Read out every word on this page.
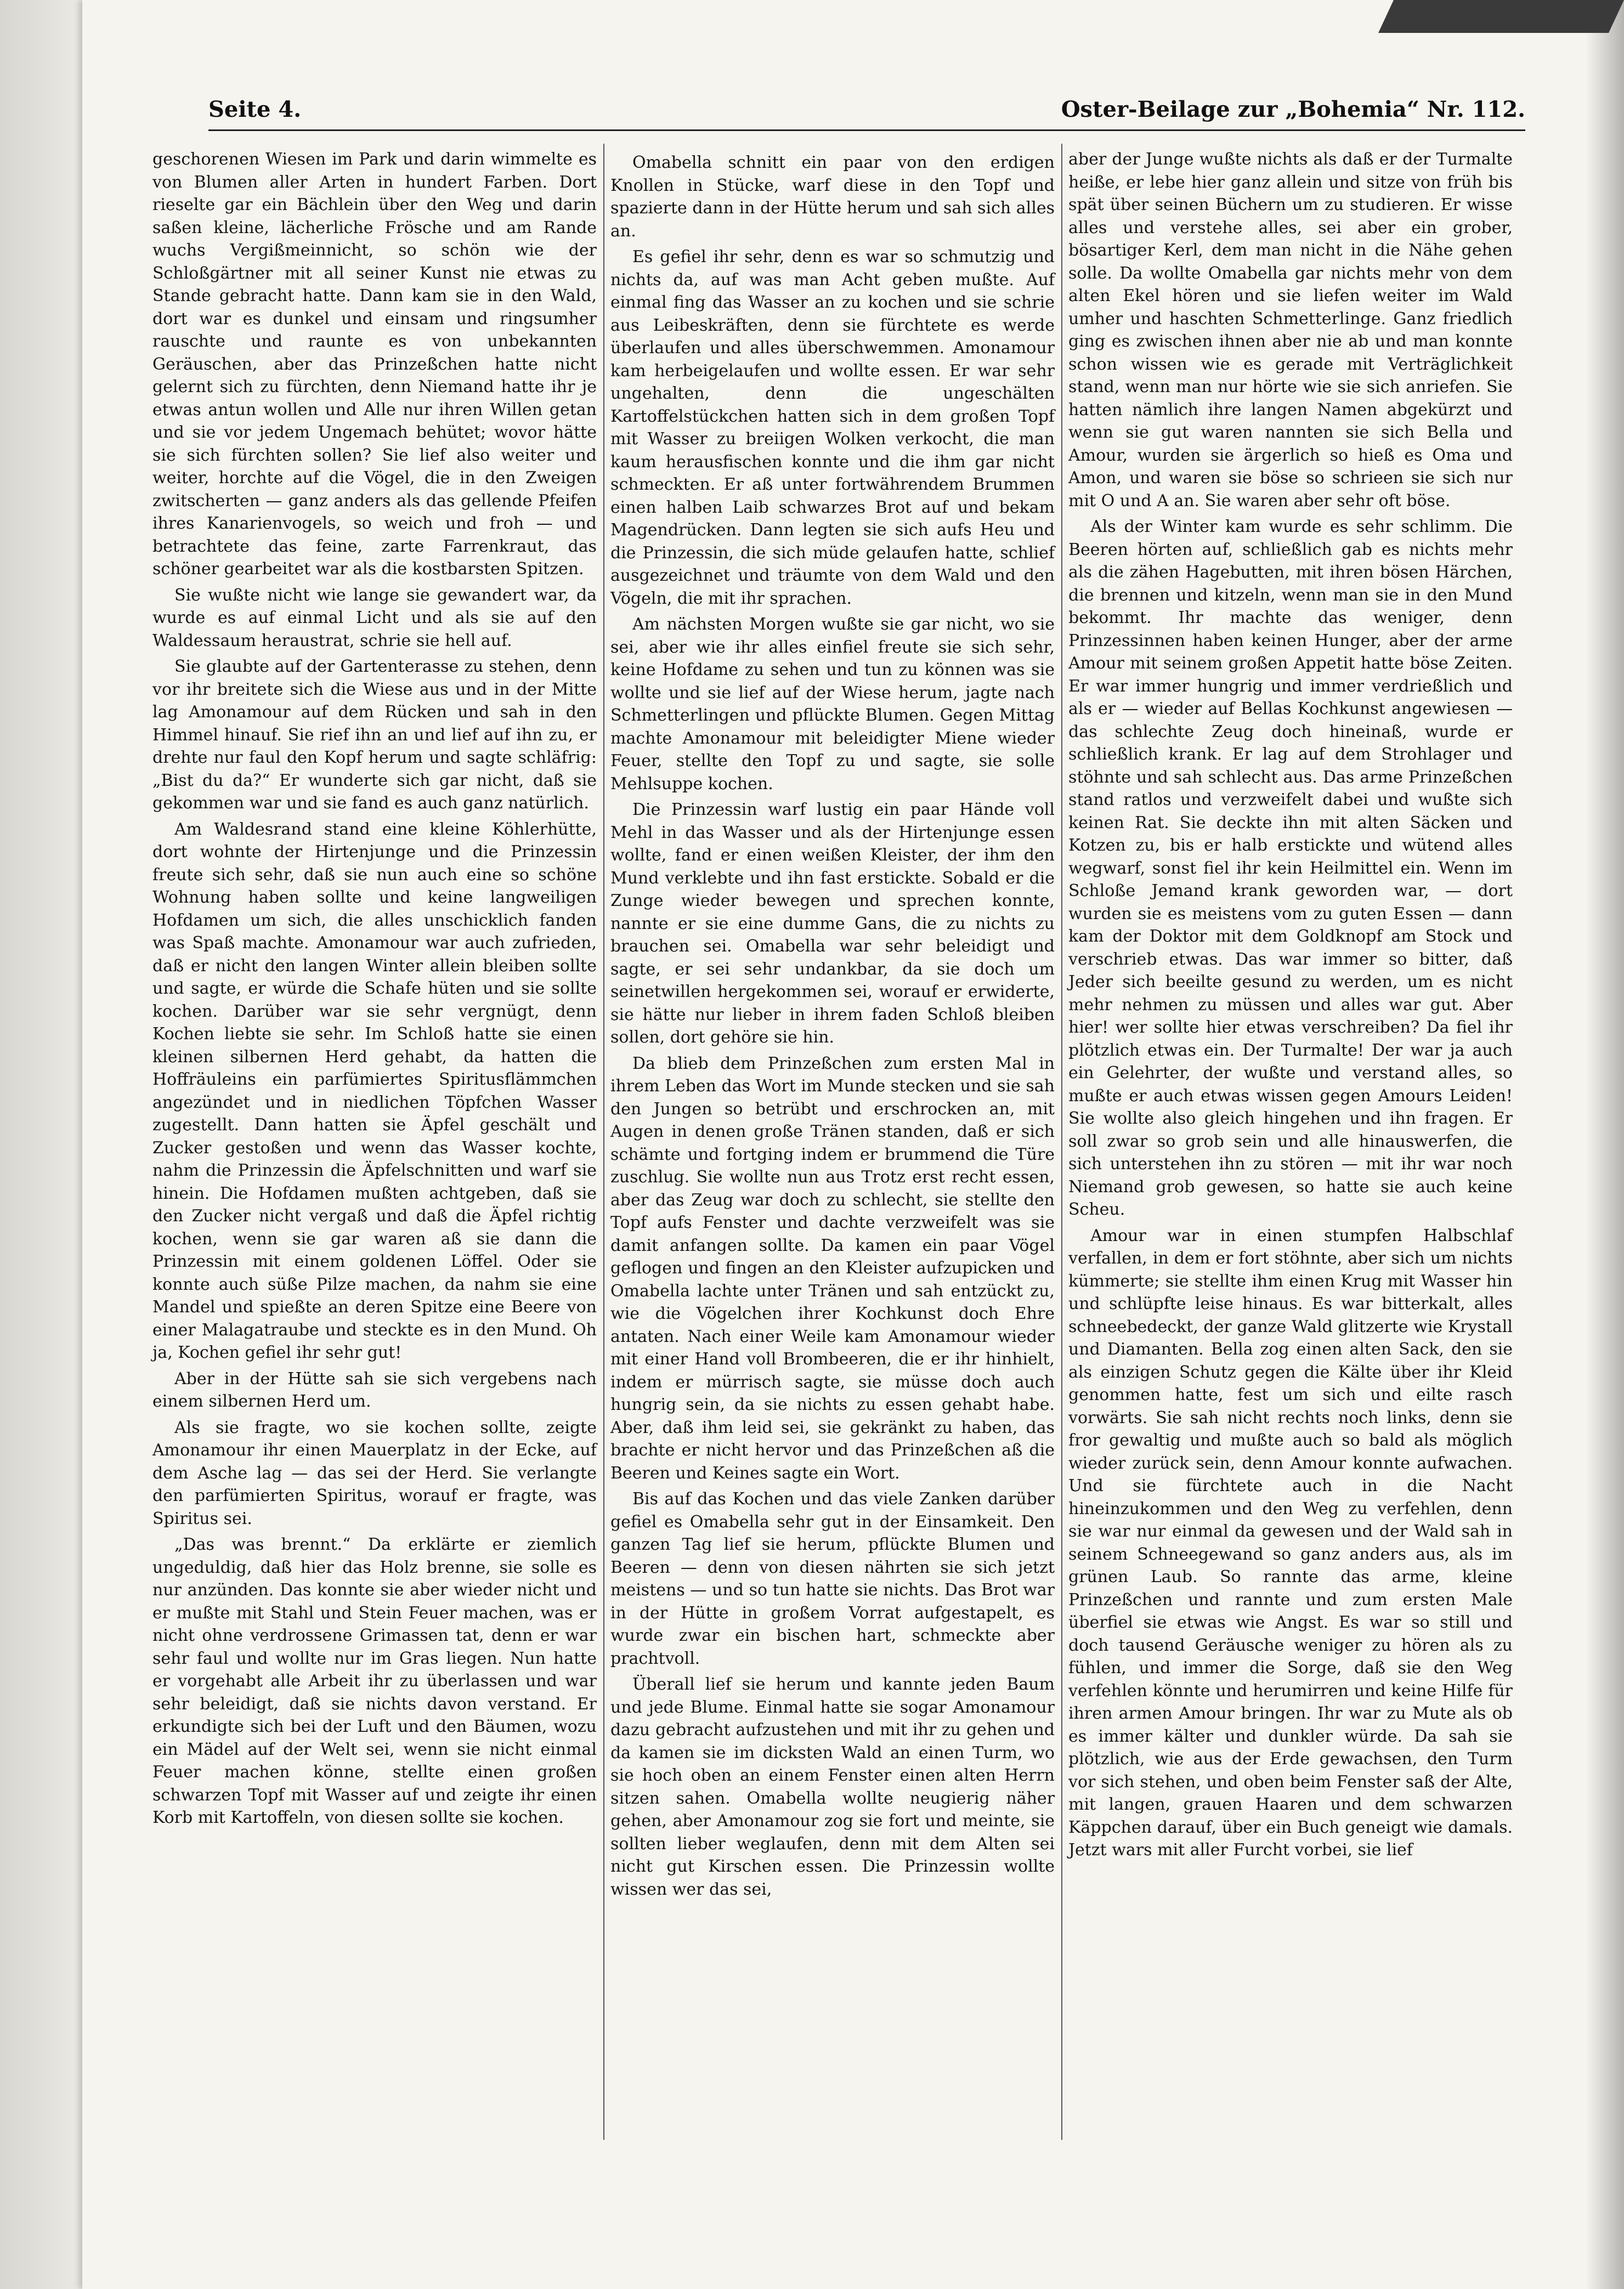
Seite 4.	Oster-Beilage zur „Bohemia“ Nr. 112.

geschorenen Wiesen im Park und darin wimmelte es von Blumen aller Arten in hundert Farben. Dort rieselte gar ein Bächlein über den Weg und darin saßen kleine, lächerliche Frösche und am Rande wuchs Vergißmeinnicht, so schön wie der Schloßgärtner mit all seiner Kunst nie etwas zu Stande gebracht hatte. Dann kam sie in den Wald, dort war es dunkel und einsam und ringsumher rauschte und raunte es von unbekannten Geräuschen, aber das Prinzeßchen hatte nicht gelernt sich zu fürchten, denn Niemand hatte ihr je etwas antun wollen und Alle nur ihren Willen getan und sie vor jedem Ungemach behütet; wovor hätte sie sich fürchten sollen? Sie lief also weiter und weiter, horchte auf die Vögel, die in den Zweigen zwitscherten — ganz anders als das gellende Pfeifen ihres Kanarienvogels, so weich und froh — und betrachtete das feine, zarte Farrenkraut, das schöner gearbeitet war als die kostbarsten Spitzen.

Sie wußte nicht wie lange sie gewandert war, da wurde es auf einmal Licht und als sie auf den Waldessaum heraustrat, schrie sie hell auf.

Sie glaubte auf der Gartenterasse zu stehen, denn vor ihr breitete sich die Wiese aus und in der Mitte lag Amonamour auf dem Rücken und sah in den Himmel hinauf. Sie rief ihn an und lief auf ihn zu, er drehte nur faul den Kopf herum und sagte schläfrig: „Bist du da?“ Er wunderte sich gar nicht, daß sie gekommen war und sie fand es auch ganz natürlich.

Am Waldesrand stand eine kleine Köhlerhütte, dort wohnte der Hirtenjunge und die Prinzessin freute sich sehr, daß sie nun auch eine so schöne Wohnung haben sollte und keine langweiligen Hofdamen um sich, die alles unschicklich fanden was Spaß machte. Amonamour war auch zufrieden, daß er nicht den langen Winter allein bleiben sollte und sagte, er würde die Schafe hüten und sie sollte kochen. Darüber war sie sehr vergnügt, denn Kochen liebte sie sehr. Im Schloß hatte sie einen kleinen silbernen Herd gehabt, da hatten die Hoffräuleins ein parfümiertes Spiritusflämmchen angezündet und in niedlichen Töpfchen Wasser zugestellt. Dann hatten sie Äpfel geschält und Zucker gestoßen und wenn das Wasser kochte, nahm die Prinzessin die Äpfelschnitten und warf sie hinein. Die Hofdamen mußten achtgeben, daß sie den Zucker nicht vergaß und daß die Äpfel richtig kochen, wenn sie gar waren aß sie dann die Prinzessin mit einem goldenen Löffel. Oder sie konnte auch süße Pilze machen, da nahm sie eine Mandel und spießte an deren Spitze eine Beere von einer Malagatraube und steckte es in den Mund. Oh ja, Kochen gefiel ihr sehr gut!

Aber in der Hütte sah sie sich vergebens nach einem silbernen Herd um.

Als sie fragte, wo sie kochen sollte, zeigte Amonamour ihr einen Mauerplatz in der Ecke, auf dem Asche lag — das sei der Herd. Sie verlangte den parfümierten Spiritus, worauf er fragte, was Spiritus sei.

„Das was brennt.“ Da erklärte er ziemlich ungeduldig, daß hier das Holz brenne, sie solle es nur anzünden. Das konnte sie aber wieder nicht und er mußte mit Stahl und Stein Feuer machen, was er nicht ohne verdrossene Grimassen tat, denn er war sehr faul und wollte nur im Gras liegen. Nun hatte er vorgehabt alle Arbeit ihr zu überlassen und war sehr beleidigt, daß sie nichts davon verstand. Er erkundigte sich bei der Luft und den Bäumen, wozu ein Mädel auf der Welt sei, wenn sie nicht einmal Feuer machen könne, stellte einen großen schwarzen Topf mit Wasser auf und zeigte ihr einen Korb mit Kartoffeln, von diesen sollte sie kochen.

Omabella schnitt ein paar von den erdigen Knollen in Stücke, warf diese in den Topf und spazierte dann in der Hütte herum und sah sich alles an.

Es gefiel ihr sehr, denn es war so schmutzig und nichts da, auf was man Acht geben mußte. Auf einmal fing das Wasser an zu kochen und sie schrie aus Leibeskräften, denn sie fürchtete es werde überlaufen und alles überschwemmen. Amonamour kam herbeigelaufen und wollte essen. Er war sehr ungehalten, denn die ungeschälten Kartoffelstückchen hatten sich in dem großen Topf mit Wasser zu breiigen Wolken verkocht, die man kaum herausfischen konnte und die ihm gar nicht schmeckten. Er aß unter fortwährendem Brummen einen halben Laib schwarzes Brot auf und bekam Magendrücken. Dann legten sie sich aufs Heu und die Prinzessin, die sich müde gelaufen hatte, schlief ausgezeichnet und träumte von dem Wald und den Vögeln, die mit ihr sprachen.

Am nächsten Morgen wußte sie gar nicht, wo sie sei, aber wie ihr alles einfiel freute sie sich sehr, keine Hofdame zu sehen und tun zu können was sie wollte und sie lief auf der Wiese herum, jagte nach Schmetterlingen und pflückte Blumen. Gegen Mittag machte Amonamour mit beleidigter Miene wieder Feuer, stellte den Topf zu und sagte, sie solle Mehlsuppe kochen.

Die Prinzessin warf lustig ein paar Hände voll Mehl in das Wasser und als der Hirtenjunge essen wollte, fand er einen weißen Kleister, der ihm den Mund verklebte und ihn fast erstickte. Sobald er die Zunge wieder bewegen und sprechen konnte, nannte er sie eine dumme Gans, die zu nichts zu brauchen sei. Omabella war sehr beleidigt und sagte, er sei sehr undankbar, da sie doch um seinetwillen hergekommen sei, worauf er erwiderte, sie hätte nur lieber in ihrem faden Schloß bleiben sollen, dort gehöre sie hin.

Da blieb dem Prinzeßchen zum ersten Mal in ihrem Leben das Wort im Munde stecken und sie sah den Jungen so betrübt und erschrocken an, mit Augen in denen große Tränen standen, daß er sich schämte und fortging indem er brummend die Türe zuschlug. Sie wollte nun aus Trotz erst recht essen, aber das Zeug war doch zu schlecht, sie stellte den Topf aufs Fenster und dachte verzweifelt was sie damit anfangen sollte. Da kamen ein paar Vögel geflogen und fingen an den Kleister aufzupicken und Omabella lachte unter Tränen und sah entzückt zu, wie die Vögelchen ihrer Kochkunst doch Ehre antaten. Nach einer Weile kam Amonamour wieder mit einer Hand voll Brombeeren, die er ihr hinhielt, indem er mürrisch sagte, sie müsse doch auch hungrig sein, da sie nichts zu essen gehabt habe. Aber, daß ihm leid sei, sie gekränkt zu haben, das brachte er nicht hervor und das Prinzeßchen aß die Beeren und Keines sagte ein Wort.

Bis auf das Kochen und das viele Zanken darüber gefiel es Omabella sehr gut in der Einsamkeit. Den ganzen Tag lief sie herum, pflückte Blumen und Beeren — denn von diesen nährten sie sich jetzt meistens — und so tun hatte sie nichts. Das Brot war in der Hütte in großem Vorrat aufgestapelt, es wurde zwar ein bischen hart, schmeckte aber prachtvoll.

Überall lief sie herum und kannte jeden Baum und jede Blume. Einmal hatte sie sogar Amonamour dazu gebracht aufzustehen und mit ihr zu gehen und da kamen sie im dicksten Wald an einen Turm, wo sie hoch oben an einem Fenster einen alten Herrn sitzen sahen. Omabella wollte neugierig näher gehen, aber Amonamour zog sie fort und meinte, sie sollten lieber weglaufen, denn mit dem Alten sei nicht gut Kirschen essen. Die Prinzessin wollte wissen wer das sei,

aber der Junge wußte nichts als daß er der Turmalte heiße, er lebe hier ganz allein und sitze von früh bis spät über seinen Büchern um zu studieren. Er wisse alles und verstehe alles, sei aber ein grober, bösartiger Kerl, dem man nicht in die Nähe gehen solle. Da wollte Omabella gar nichts mehr von dem alten Ekel hören und sie liefen weiter im Wald umher und haschten Schmetterlinge. Ganz friedlich ging es zwischen ihnen aber nie ab und man konnte schon wissen wie es gerade mit Verträglichkeit stand, wenn man nur hörte wie sie sich anriefen. Sie hatten nämlich ihre langen Namen abgekürzt und wenn sie gut waren nannten sie sich Bella und Amour, wurden sie ärgerlich so hieß es Oma und Amon, und waren sie böse so schrieen sie sich nur mit O und A an. Sie waren aber sehr oft böse.

Als der Winter kam wurde es sehr schlimm. Die Beeren hörten auf, schließlich gab es nichts mehr als die zähen Hagebutten, mit ihren bösen Härchen, die brennen und kitzeln, wenn man sie in den Mund bekommt. Ihr machte das weniger, denn Prinzessinnen haben keinen Hunger, aber der arme Amour mit seinem großen Appetit hatte böse Zeiten. Er war immer hungrig und immer verdrießlich und als er — wieder auf Bellas Kochkunst angewiesen — das schlechte Zeug doch hineinaß, wurde er schließlich krank. Er lag auf dem Strohlager und stöhnte und sah schlecht aus. Das arme Prinzeßchen stand ratlos und verzweifelt dabei und wußte sich keinen Rat. Sie deckte ihn mit alten Säcken und Kotzen zu, bis er halb erstickte und wütend alles wegwarf, sonst fiel ihr kein Heilmittel ein. Wenn im Schloße Jemand krank geworden war, — dort wurden sie es meistens vom zu guten Essen — dann kam der Doktor mit dem Goldknopf am Stock und verschrieb etwas. Das war immer so bitter, daß Jeder sich beeilte gesund zu werden, um es nicht mehr nehmen zu müssen und alles war gut. Aber hier! wer sollte hier etwas verschreiben? Da fiel ihr plötzlich etwas ein. Der Turmalte! Der war ja auch ein Gelehrter, der wußte und verstand alles, so mußte er auch etwas wissen gegen Amours Leiden! Sie wollte also gleich hingehen und ihn fragen. Er soll zwar so grob sein und alle hinauswerfen, die sich unterstehen ihn zu stören — mit ihr war noch Niemand grob gewesen, so hatte sie auch keine Scheu.

Amour war in einen stumpfen Halbschlaf verfallen, in dem er fort stöhnte, aber sich um nichts kümmerte; sie stellte ihm einen Krug mit Wasser hin und schlüpfte leise hinaus. Es war bitterkalt, alles schneebedeckt, der ganze Wald glitzerte wie Krystall und Diamanten. Bella zog einen alten Sack, den sie als einzigen Schutz gegen die Kälte über ihr Kleid genommen hatte, fest um sich und eilte rasch vorwärts. Sie sah nicht rechts noch links, denn sie fror gewaltig und mußte auch so bald als möglich wieder zurück sein, denn Amour konnte aufwachen. Und sie fürchtete auch in die Nacht hineinzukommen und den Weg zu verfehlen, denn sie war nur einmal da gewesen und der Wald sah in seinem Schneegewand so ganz anders aus, als im grünen Laub. So rannte das arme, kleine Prinzeßchen und rannte und zum ersten Male überfiel sie etwas wie Angst. Es war so still und doch tausend Geräusche weniger zu hören als zu fühlen, und immer die Sorge, daß sie den Weg verfehlen könnte und herumirren und keine Hilfe für ihren armen Amour bringen. Ihr war zu Mute als ob es immer kälter und dunkler würde. Da sah sie plötzlich, wie aus der Erde gewachsen, den Turm vor sich stehen, und oben beim Fenster saß der Alte, mit langen, grauen Haaren und dem schwarzen Käppchen darauf, über ein Buch geneigt wie damals. Jetzt wars mit aller Furcht vorbei, sie lief
